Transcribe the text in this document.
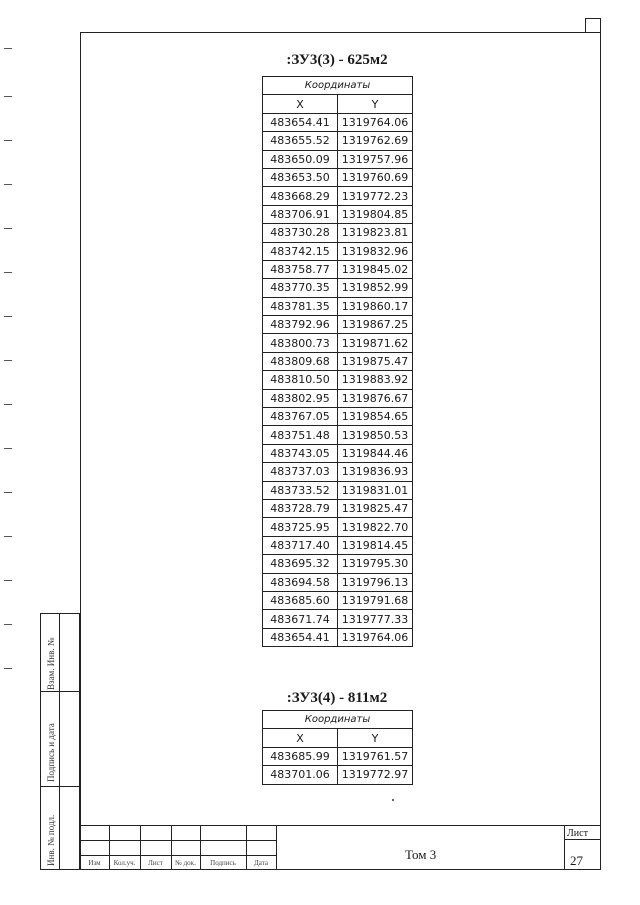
Взам. Инв. №
Подпись и дата
Инв. № подл.
:ЗУ3(3) - 625м2
Координаты	
X	Y
483654.41	1319764.06
483655.52	1319762.69
483650.09	1319757.96
483653.50	1319760.69
483668.29	1319772.23
483706.91	1319804.85
483730.28	1319823.81
483742.15	1319832.96
483758.77	1319845.02
483770.35	1319852.99
483781.35	1319860.17
483792.96	1319867.25
483800.73	1319871.62
483809.68	1319875.47
483810.50	1319883.92
483802.95	1319876.67
483767.05	1319854.65
483751.48	1319850.53
483743.05	1319844.46
483737.03	1319836.93
483733.52	1319831.01
483728.79	1319825.47
483725.95	1319822.70
483717.40	1319814.45
483695.32	1319795.30
483694.58	1319796.13
483685.60	1319791.68
483671.74	1319777.33
483654.41	1319764.06
:ЗУ3(4) - 811м2
Координаты	
X	Y
483685.99	1319761.57
483701.06	1319772.97
Изм	Кол.уч.	Лист	№ док.	Подпись	Дата
Том 3
Лист
27
